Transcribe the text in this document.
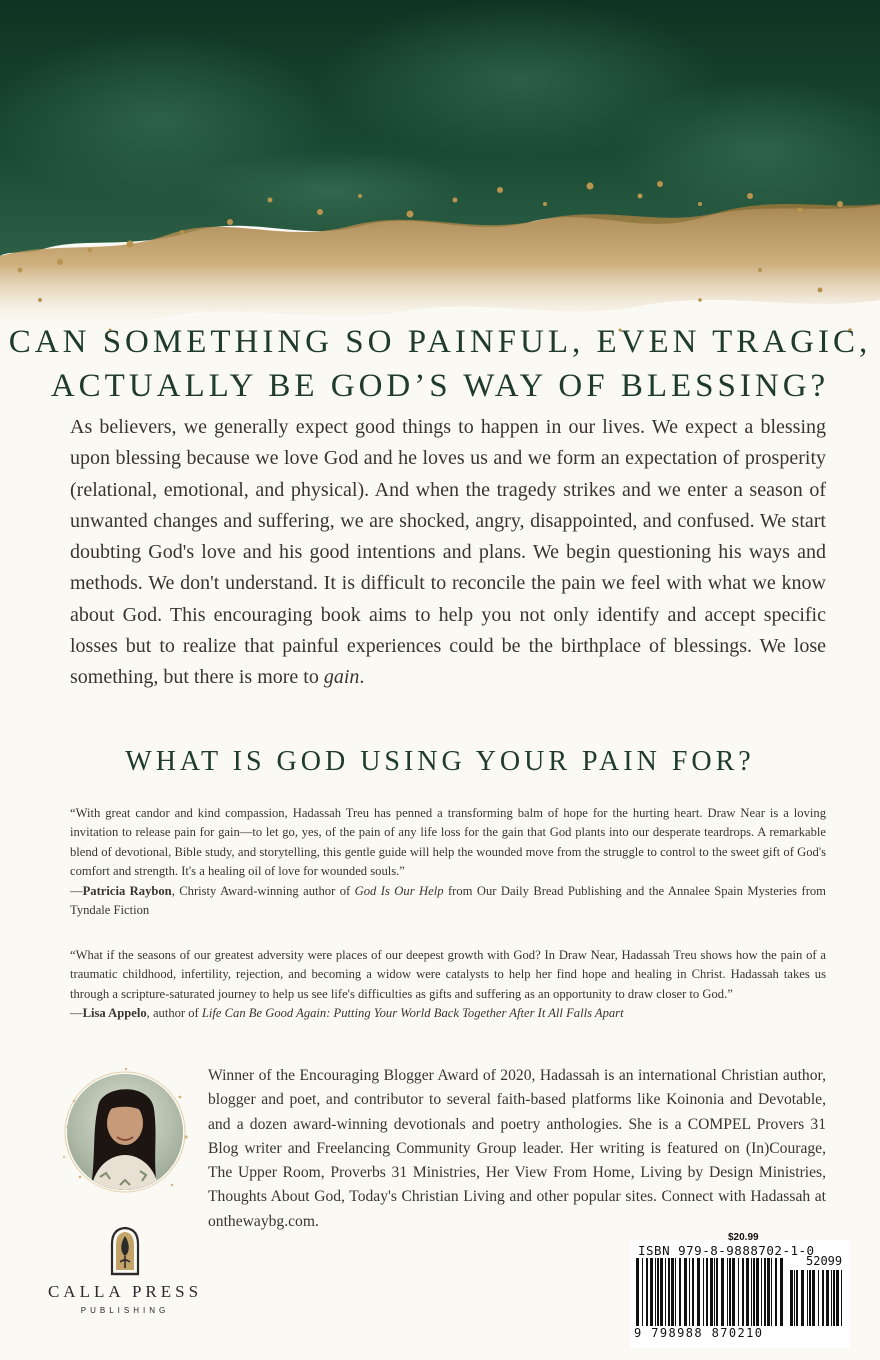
CAN SOMETHING SO PAINFUL, EVEN TRAGIC,
ACTUALLY BE GOD’S WAY OF BLESSING?
As believers, we generally expect good things to happen in our lives. We expect a blessing upon blessing because we love God and he loves us and we form an expectation of prosperity (relational, emotional, and physical). And when the tragedy strikes and we enter a season of unwanted changes and suffering, we are shocked, angry, disappointed, and confused. We start doubting God's love and his good intentions and plans. We begin questioning his ways and methods. We don't understand. It is difficult to reconcile the pain we feel with what we know about God. This encouraging book aims to help you not only identify and accept specific losses but to realize that painful experiences could be the birthplace of blessings. We lose something, but there is more to gain.
WHAT IS GOD USING YOUR PAIN FOR?
“With great candor and kind compassion, Hadassah Treu has penned a transforming balm of hope for the hurting heart. Draw Near is a loving invitation to release pain for gain—to let go, yes, of the pain of any life loss for the gain that God plants into our desperate teardrops. A remarkable blend of devotional, Bible study, and storytelling, this gentle guide will help the wounded move from the struggle to control to the sweet gift of God's comfort and strength. It's a healing oil of love for wounded souls.”
—Patricia Raybon, Christy Award-winning author of God Is Our Help from Our Daily Bread Publishing and the Annalee Spain Mysteries from Tyndale Fiction
“What if the seasons of our greatest adversity were places of our deepest growth with God? In Draw Near, Hadassah Treu shows how the pain of a traumatic childhood, infertility, rejection, and becoming a widow were catalysts to help her find hope and healing in Christ. Hadassah takes us through a scripture-saturated journey to help us see life's difficulties as gifts and suffering as an opportunity to draw closer to God.”
—Lisa Appelo, author of Life Can Be Good Again: Putting Your World Back Together After It All Falls Apart
Winner of the Encouraging Blogger Award of 2020, Hadassah is an international Christian author, blogger and poet, and contributor to several faith-based platforms like Koinonia and Devotable, and a dozen award-winning devotionals and poetry anthologies. She is a COMPEL Provers 31 Blog writer and Freelancing Community Group leader. Her writing is featured on (In)Courage, The Upper Room, Proverbs 31 Ministries, Her View From Home, Living by Design Ministries, Thoughts About God, Today's Christian Living and other popular sites. Connect with Hadassah at onthewaybg.com.
CALLA PRESS
PUBLISHING
$20.99
ISBN 979-8-9888702-1-0
52099
9 798988 870210
